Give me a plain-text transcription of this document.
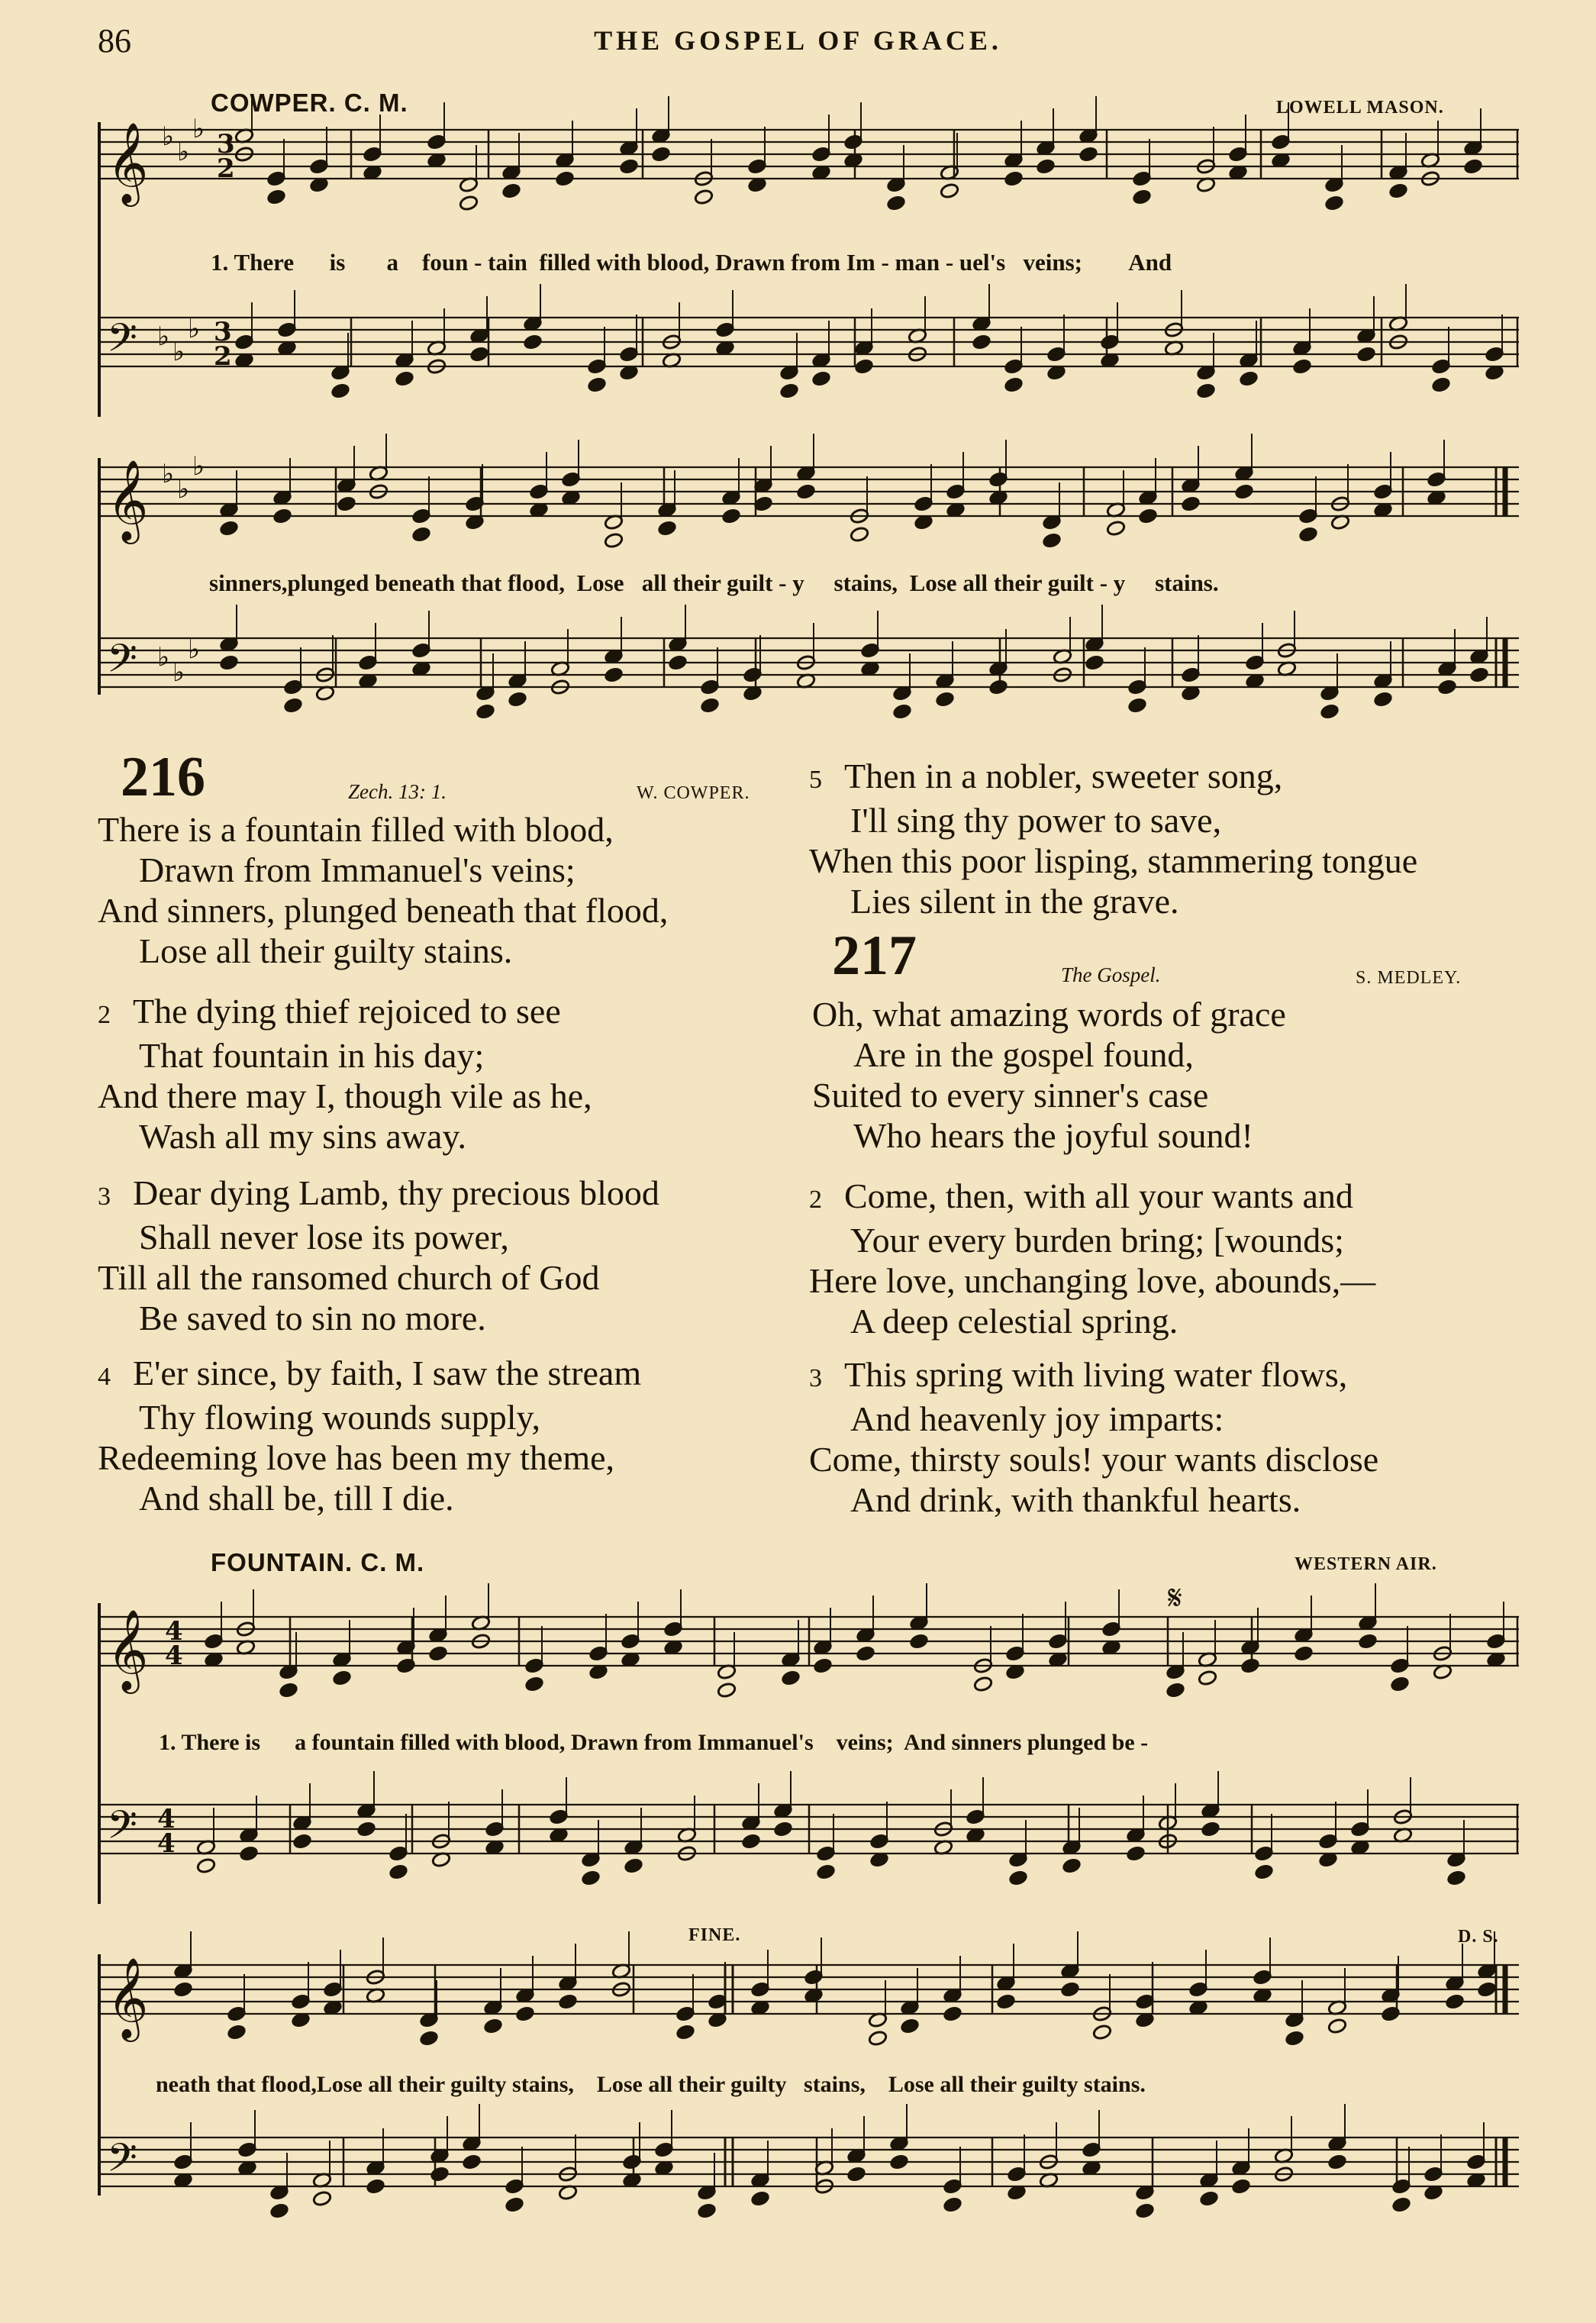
86	THE GOSPEL OF GRACE.
COWPER. C. M.	LOWELL MASON.
𝄞
𝄢
𝄞
𝄢
𝄞
𝄢
𝄞
𝄢
♭ ♭
♭
♭ ♭
♭
♭ ♭
♭
♭ ♭
♭
3
2
3
2
4
4
4
4
𝄋
1. There is a foun - tain filled with blood, Drawn from Im - man - uel's veins; And
sinners,plunged beneath that flood, Lose all their guilt - y stains, Lose all their guilt - y stains.
216	Zech. 13: 1.	W. COWPER.
There is a fountain filled with blood,
Drawn from Immanuel's veins;
And sinners, plunged beneath that flood,
Lose all their guilty stains.
2 The dying thief rejoiced to see
That fountain in his day;
And there may I, though vile as he,
Wash all my sins away.
3 Dear dying Lamb, thy precious blood
Shall never lose its power,
Till all the ransomed church of God
Be saved to sin no more.
4 E'er since, by faith, I saw the stream
Thy flowing wounds supply,
Redeeming love has been my theme,
And shall be, till I die.
5 Then in a nobler, sweeter song,
I'll sing thy power to save,
When this poor lisping, stammering tongue
Lies silent in the grave.
217	The Gospel.	S. MEDLEY.
Oh, what amazing words of grace
Are in the gospel found,
Suited to every sinner's case
Who hears the joyful sound!
2 Come, then, with all your wants and
Your every burden bring; [wounds;
Here love, unchanging love, abounds,—
A deep celestial spring.
3 This spring with living water flows,
And heavenly joy imparts:
Come, thirsty souls! your wants disclose
And drink, with thankful hearts.
FOUNTAIN. C. M.	WESTERN AIR.
FINE.	D. S.
1. There is a fountain filled with blood, Drawn from Immanuel's veins; And sinners plunged be -
neath that flood,Lose all their guilty stains, Lose all their guilty stains, Lose all their guilty stains.
